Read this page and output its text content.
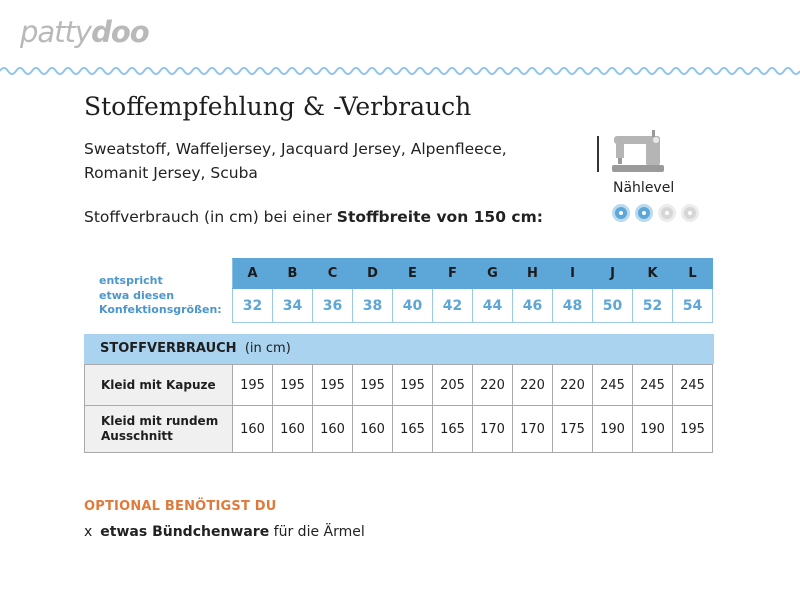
pattydoo
Stoffempfehlung & -Verbrauch
Sweatstoff, Waffeljersey, Jacquard Jersey, Alpenfleece,
Romanit Jersey, Scuba
Stoffverbrauch (in cm) bei einer Stoffbreite von 150 cm:
Nählevel
entspricht
etwa diesen
Konfektionsgrößen:
A	B	C	D	E	F	G	H	I	J	K	L
32	34	36	38	40	42	44	46	48	50	52	54
STOFFVERBRAUCH (in cm)
Kleid mit Kapuze	195	195	195	195	195	205	220	220	220	245	245	245
Kleid mit rundem
Ausschnitt	160	160	160	160	165	165	170	170	175	190	190	195
OPTIONAL BENÖTIGST DU
x etwas Bündchenware für die Ärmel
